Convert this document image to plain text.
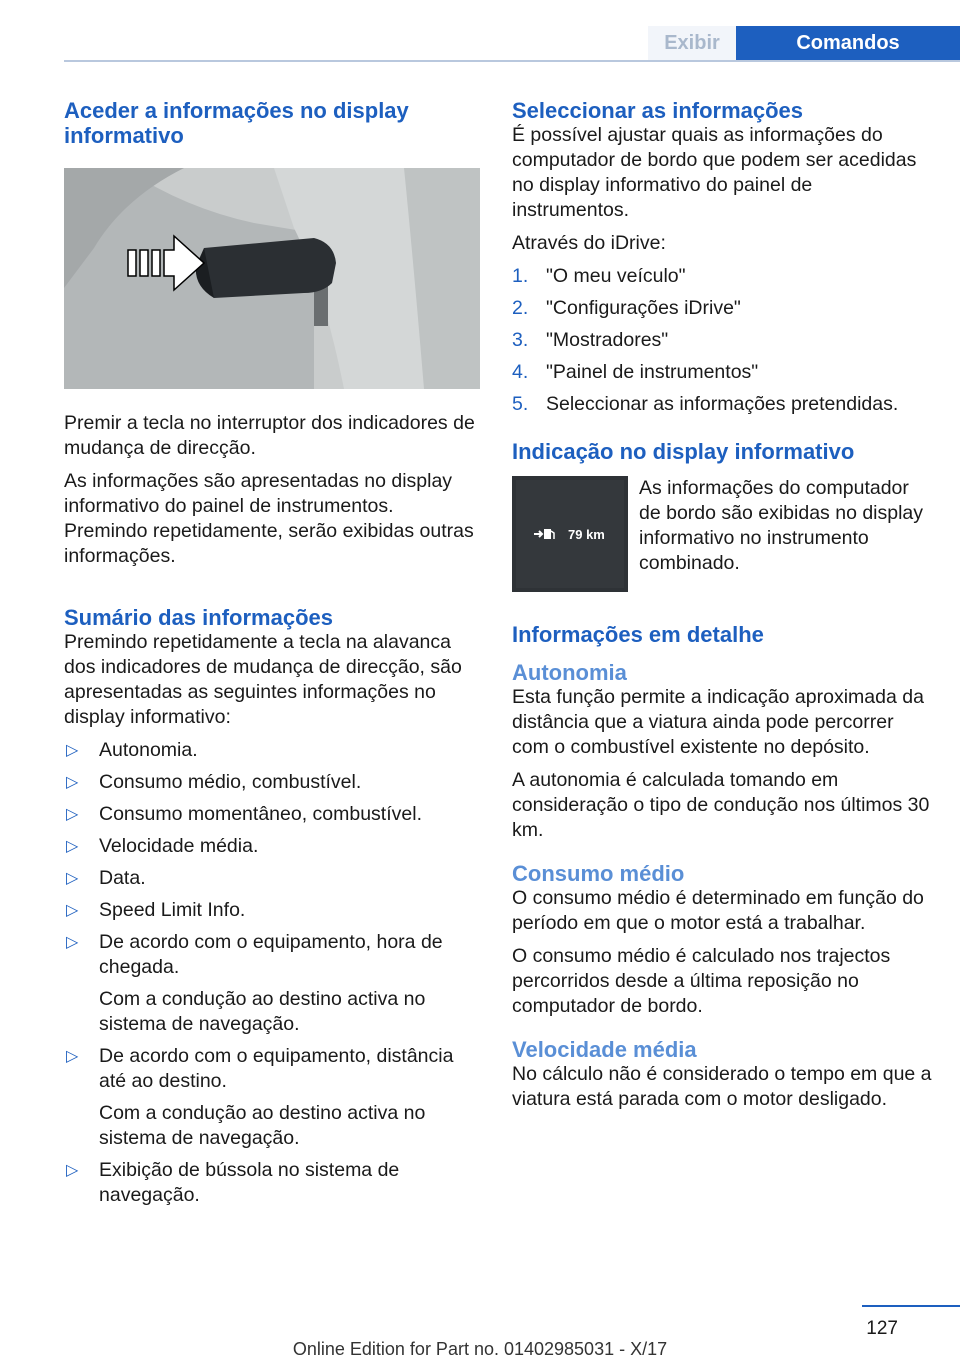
Exibir	Comandos
Aceder a informações no display informativo

Premir a tecla no interruptor dos indicadores de mudança de direcção.

As informações são apresentadas no display informativo do painel de instrumentos. Premindo repetidamente, serão exibidas outras informações.

Sumário das informações

Premindo repetidamente a tecla na alavanca dos indicadores de mudança de direcção, são apresentadas as seguintes informações no display informativo:

▷ Autonomia.

▷ Consumo médio, combustível.

▷ Consumo momentâneo, combustível.

▷ Velocidade média.

▷ Data.

▷ Speed Limit Info.

▷ De acordo com o equipamento, hora de chegada.

Com a condução ao destino activa no sistema de navegação.

▷ De acordo com o equipamento, distância até ao destino.

Com a condução ao destino activa no sistema de navegação.

▷ Exibição de bússola no sistema de navegação.

Seleccionar as informações

É possível ajustar quais as informações do computador de bordo que podem ser acedidas no display informativo do painel de instrumentos.

Através do iDrive:

1. "O meu veículo"
2. "Configurações iDrive"
3. "Mostradores"
4. "Painel de instrumentos"
5. Seleccionar as informações pretendidas.
Indicação no display informativo
79 km

As informações do computador de bordo são exibidas no display informativo no instrumento combinado.

Informações em detalhe
Autonomia

Esta função permite a indicação aproximada da distância que a viatura ainda pode percorrer com o combustível existente no depósito.

A autonomia é calculada tomando em consideração o tipo de condução nos últimos 30 km.

Consumo médio

O consumo médio é determinado em função do período em que o motor está a trabalhar.

O consumo médio é calculado nos trajectos percorridos desde a última reposição no computador de bordo.

Velocidade média

No cálculo não é considerado o tempo em que a viatura está parada com o motor desligado.

127
Online Edition for Part no. 01402985031 - X/17
